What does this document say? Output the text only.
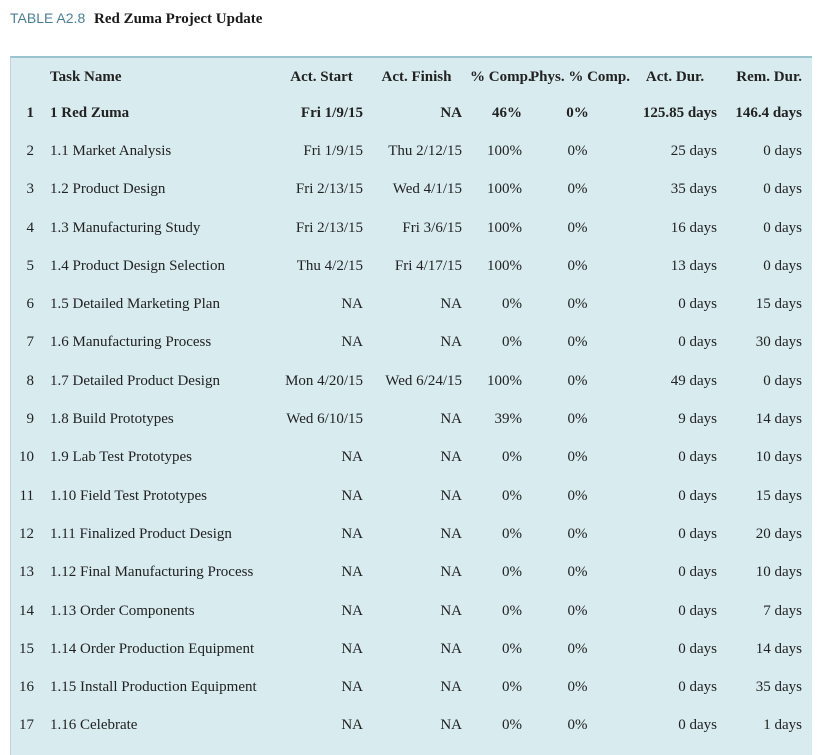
TABLE A2.8 Red Zuma Project Update
	Task Name	Act. Start	Act. Finish	% Comp.	Phys. % Comp.	Act. Dur.	Rem. Dur.
1	1 Red Zuma	Fri 1/9/15	NA	46%	0%	125.85 days	146.4 days
2	1.1 Market Analysis	Fri 1/9/15	Thu 2/12/15	100%	0%	25 days	0 days
3	1.2 Product Design	Fri 2/13/15	Wed 4/1/15	100%	0%	35 days	0 days
4	1.3 Manufacturing Study	Fri 2/13/15	Fri 3/6/15	100%	0%	16 days	0 days
5	1.4 Product Design Selection	Thu 4/2/15	Fri 4/17/15	100%	0%	13 days	0 days
6	1.5 Detailed Marketing Plan	NA	NA	0%	0%	0 days	15 days
7	1.6 Manufacturing Process	NA	NA	0%	0%	0 days	30 days
8	1.7 Detailed Product Design	Mon 4/20/15	Wed 6/24/15	100%	0%	49 days	0 days
9	1.8 Build Prototypes	Wed 6/10/15	NA	39%	0%	9 days	14 days
10	1.9 Lab Test Prototypes	NA	NA	0%	0%	0 days	10 days
11	1.10 Field Test Prototypes	NA	NA	0%	0%	0 days	15 days
12	1.11 Finalized Product Design	NA	NA	0%	0%	0 days	20 days
13	1.12 Final Manufacturing Process	NA	NA	0%	0%	0 days	10 days
14	1.13 Order Components	NA	NA	0%	0%	0 days	7 days
15	1.14 Order Production Equipment	NA	NA	0%	0%	0 days	14 days
16	1.15 Install Production Equipment	NA	NA	0%	0%	0 days	35 days
17	1.16 Celebrate	NA	NA	0%	0%	0 days	1 days
